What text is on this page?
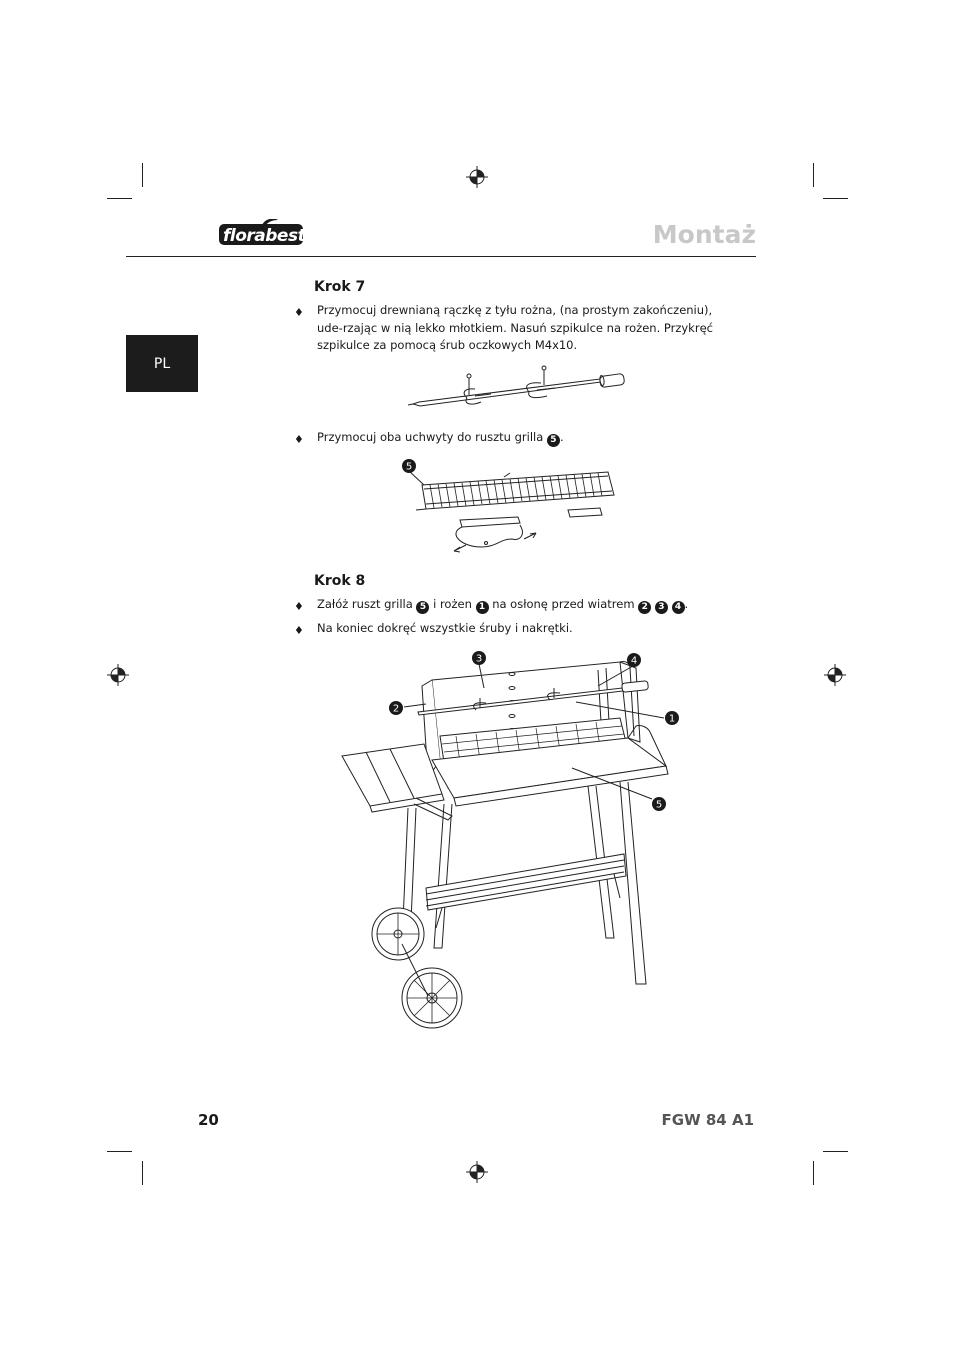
florabest	Montaż
PL
Krok 7
♦ Przymocuj drewnianą rączkę z tyłu rożna, (na prostym zakończeniu), ude-rzając w nią lekko młotkiem. Nasuń szpikulce na rożen. Przykręć szpikulce za pomocą śrub oczkowych M4x10.
♦ Przymocuj oba uchwyty do rusztu grilla 5 .
5
Krok 8
♦ Załóż ruszt grilla 5 i rożen 1 na osłonę przed wiatrem 2 3 4 .
♦ Na koniec dokręć wszystkie śruby i nakrętki.
3	4
2
1
5
20	FGW 84 A1
